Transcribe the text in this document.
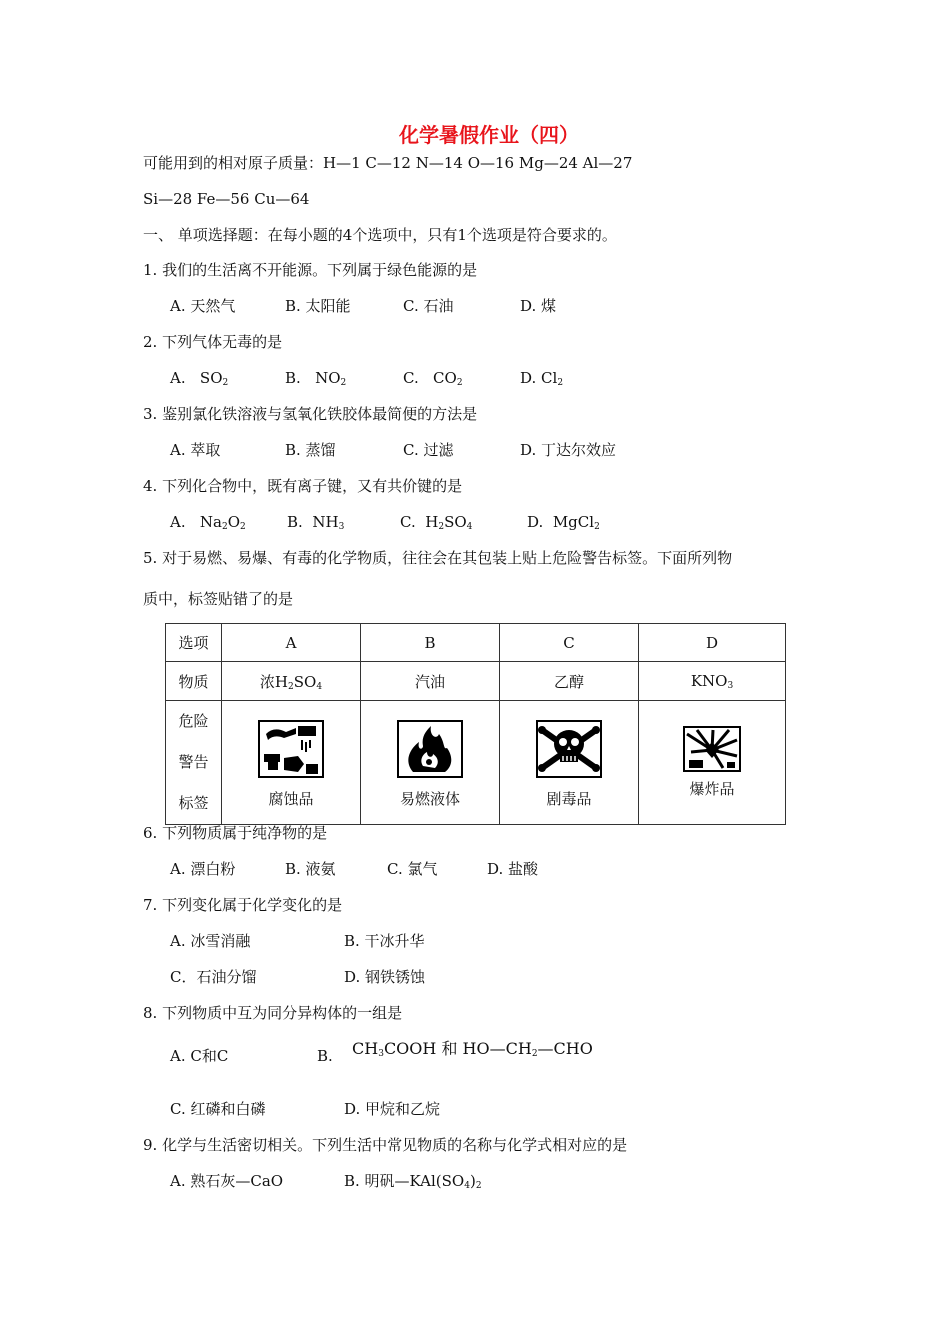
化学暑假作业（四）
可能用到的相对原子质量：H—1 C—12 N—14 O—16 Mg—24 Al—27
Si—28 Fe—56 Cu—64
一、 单项选择题：在每小题的4个选项中，只有1个选项是符合要求的。
1. 我们的生活离不开能源。下列属于绿色能源的是
A. 天然气	B. 太阳能	C. 石油	D. 煤
2. 下列气体无毒的是
A. $SO_2$	B. $NO_2$	C. $CO_2$	D. $Cl_2$
3. 鉴别氯化铁溶液与氢氧化铁胶体最简便的方法是
A. 萃取	B. 蒸馏	C. 过滤	D. 丁达尔效应
4. 下列化合物中，既有离子键，又有共价键的是
A. $Na_2O_2$	B. $NH_3$	C. $H_2SO_4$	D. MgCl$_2$
5. 对于易燃、易爆、有毒的化学物质，往往会在其包装上贴上危险警告标签。下面所列物
质中，标签贴错了的是
选项	A	B	C	D
物质	浓$H_2SO_4$	汽油	乙醇	$KNO_3$

危险
警告
标签	腐蚀品	易燃液体	剧毒品	爆炸品
6. 下列物质属于纯净物的是
A. 漂白粉	B. 液氨	C. 氯气	D. 盐酸
7. 下列变化属于化学变化的是
A. 冰雪消融	B. 干冰升华
C．石油分馏	D. 钢铁锈蚀
8. 下列物质中互为同分异构体的一组是
A. C和C	B. $CH_3COOH$ 和 $HO—CH_2—CHO$
C. 红磷和白磷	D. 甲烷和乙烷
9. 化学与生活密切相关。下列生活中常见物质的名称与化学式相对应的是
A. 熟石灰—CaO	B. 明矾$—KAl(SO_4)_2$
